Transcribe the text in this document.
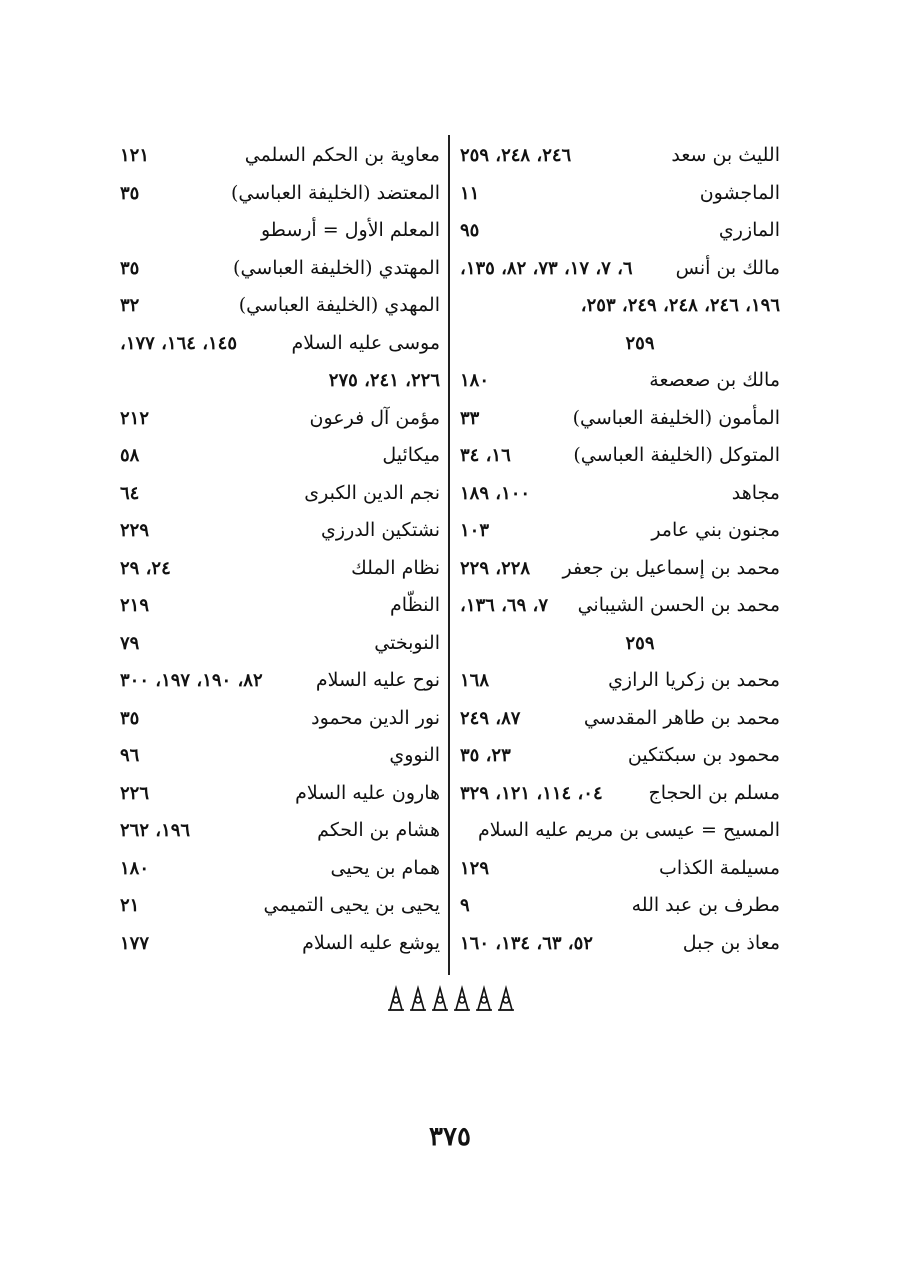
الليث بن سعد
٢٤٦، ٢٤٨، ٢٥٩
الماجشون
١١
المازري
٩٥
مالك بن أنس
٦، ٧، ١٧، ٧٣، ٨٢، ١٣٥،
١٩٦، ٢٤٦، ٢٤٨، ٢٤٩، ٢٥٣،
٢٥٩
مالك بن صعصعة
١٨٠
المأمون (الخليفة العباسي)
٣٣
المتوكل (الخليفة العباسي)
١٦، ٣٤
مجاهد
١٠٠، ١٨٩
مجنون بني عامر
١٠٣
محمد بن إسماعيل بن جعفر
٢٢٨، ٢٢٩
محمد بن الحسن الشيباني
٧، ٦٩، ١٣٦،
٢٥٩
محمد بن زكريا الرازي
١٦٨
محمد بن طاهر المقدسي
٨٧، ٢٤٩
محمود بن سبكتكين
٢٣، ٣٥
مسلم بن الحجاج
٠٤، ١١٤، ١٢١، ٣٢٩
المسيح = عيسى بن مريم عليه السلام
مسيلمة الكذاب
١٢٩
مطرف بن عبد الله
٩
معاذ بن جبل
٥٢، ٦٣، ١٣٤، ١٦٠
معاوية بن الحكم السلمي
١٢١
المعتضد (الخليفة العباسي)
٣٥
المعلم الأول = أرسطو
المهتدي (الخليفة العباسي)
٣٥
المهدي (الخليفة العباسي)
٣٢
موسى عليه السلام
١٤٥، ١٦٤، ١٧٧،
٢٢٦، ٢٤١، ٢٧٥
مؤمن آل فرعون
٢١٢
ميكائيل
٥٨
نجم الدين الكبرى
٦٤
نشتكين الدرزي
٢٢٩
نظام الملك
٢٤، ٢٩
النظّام
٢١٩
النوبختي
٧٩
نوح عليه السلام
٨٢، ١٩٠، ١٩٧، ٣٠٠
نور الدين محمود
٣٥
النووي
٩٦
هارون عليه السلام
٢٢٦
هشام بن الحكم
١٩٦، ٢٦٢
همام بن يحيى
١٨٠
يحيى بن يحيى التميمي
٢١
يوشع عليه السلام
١٧٧
٣٧٥
